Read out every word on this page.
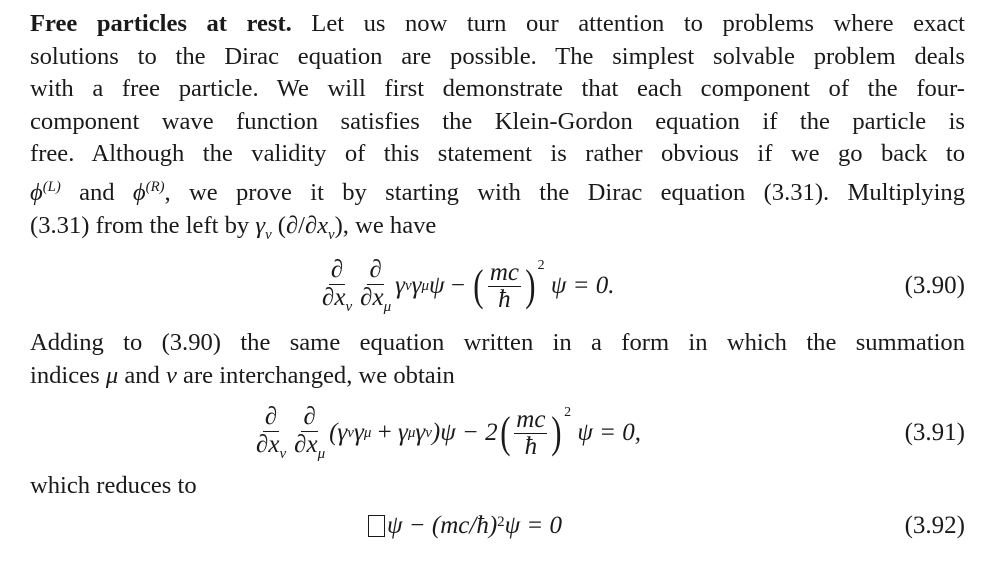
Free particles at rest. Let us now turn our attention to problems where exact
solutions to the Dirac equation are possible. The simplest solvable problem deals
with a free particle. We will first demonstrate that each component of the four-
component wave function satisfies the Klein-Gordon equation if the particle is
free. Although the validity of this statement is rather obvious if we go back to
$\phi^{(L)}$ and $\phi^{(R)}$, we prove it by starting with the Dirac equation (3.31). Multiplying
(3.31) from the left by $\gamma_\nu$ $(\partial/\partial x_\nu)$, we have

$\frac{\partial}{\partial x_\nu} \frac{\partial}{\partial x_\mu}$ γ ν γ μ ψ − ( $\frac{mc}{ħ}$ ) 2
ψ = 0.	(3.90)

Adding to (3.90) the same equation written in a form in which the summation
indices μ and ν are interchanged, we obtain

$\frac{\partial}{\partial x_\nu} \frac{\partial}{\partial x_\mu} (\gamma$ ν γ μ + γ μ γ ν )ψ − 2 ( $\frac{mc}{ħ}$ ) 2
ψ = 0,	(3.91)

which reduces to

ψ − (mc/ħ)$^2$ ψ = 0	(3.92)
